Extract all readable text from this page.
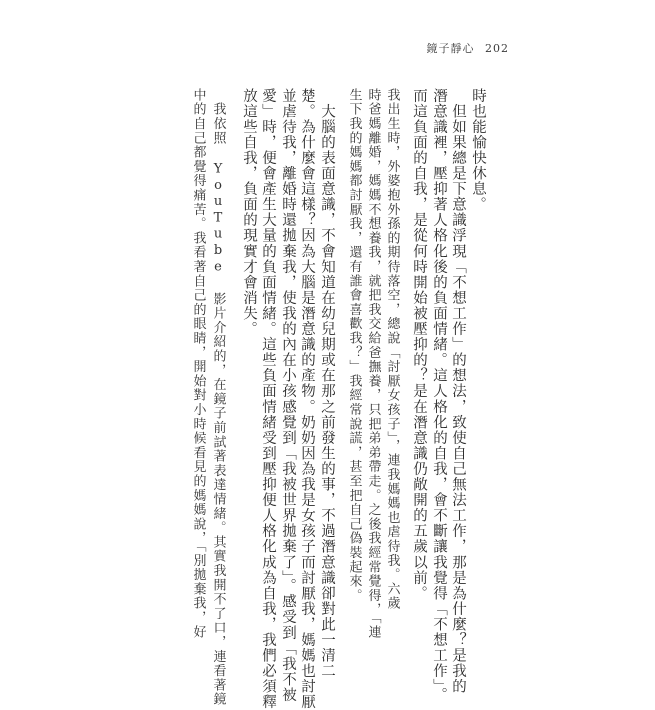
鏡子靜心 202
時也能愉快休息。
　但如果總是下意識浮現「不想工作」的想法，致使自己無法工作，那是為什麼？是我的
潛意識裡，壓抑著人格化後的負面情緒。這人格化的自我，會不斷讓我覺得「不想工作」。
而這負面的自我，是從何時開始被壓抑的？是在潛意識仍敞開的五歲以前。
我出生時，外婆抱外孫的期待落空，總說「討厭女孩子」，連我媽媽也虐待我。六歲
時爸媽離婚，媽媽不想養我，就把我交給爸撫養，只把弟弟帶走。之後我經常覺得，「連
生下我的媽媽都討厭我，還有誰會喜歡我？」我經常說謊，甚至把自己偽裝起來。
　大腦的表面意識，不會知道在幼兒期或在那之前發生的事，不過潛意識卻對此一清二
楚。為什麼會這樣？因為大腦是潛意識的產物。奶奶因為我是女孩子而討厭我，媽媽也討厭
並虐待我，離婚時還拋棄我，使我的內在小孩感覺到「我被世界拋棄了」。感受到「我不被
愛」時，便會產生大量的負面情緒。這些負面情緒受到壓抑便人格化成為自我，我們必須釋
放這些自我，負面的現實才會消失。
　我依照 YouTube 影片介紹的，在鏡子前試著表達情緒。其實我開不了口，連看著鏡
中的自己都覺得痛苦。我看著自己的眼睛，開始對小時候看見的媽媽說，「別拋棄我，好
